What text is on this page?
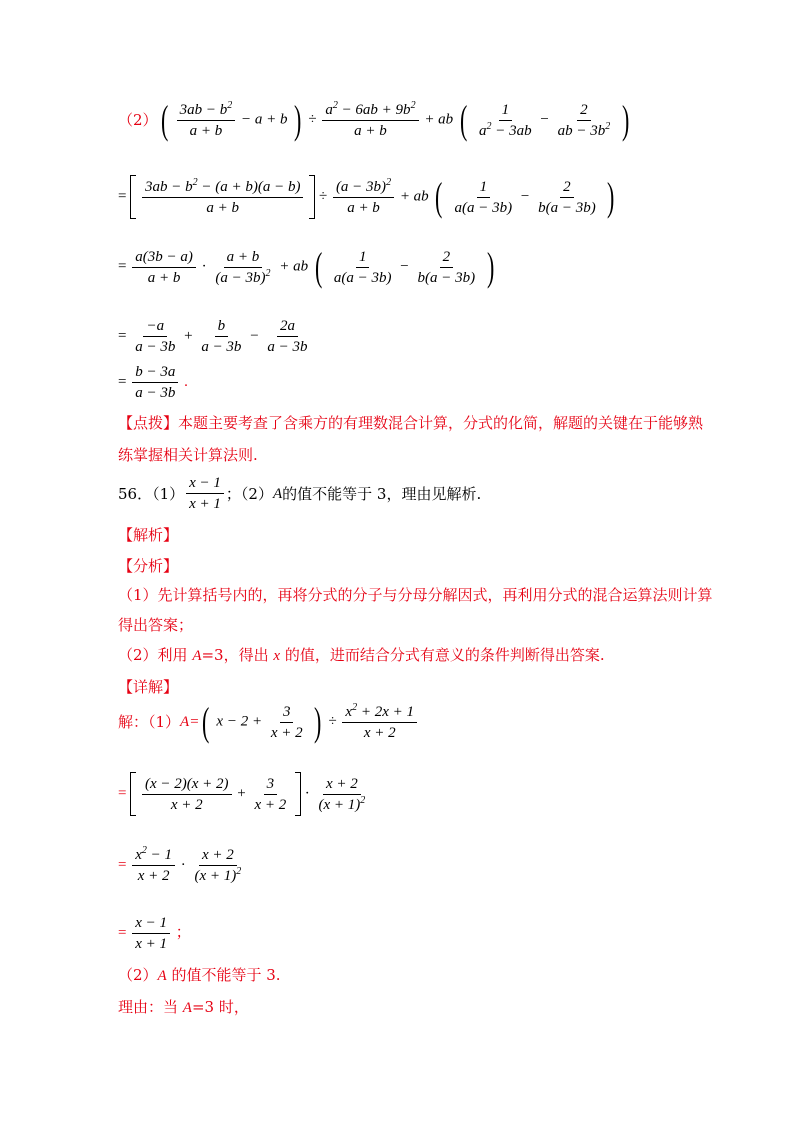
（2） ( $\frac{3ab - b^2}{a + b} - a + b$ ) ÷ $\frac{a^2 - 6ab + 9b^2}{a + b}$ + ab ( $\frac{1}{a^2 - 3ab} - \frac{2}{ab - 3b^2}$ )
= $\frac{3ab - b^2 - (a + b)(a - b)}{a + b} \div \frac{(a - 3b)^2}{a + b}$ + ab ( $\frac{1}{a(a - 3b)} - \frac{2}{b(a - 3b)}$ )
= $\frac{a(3b - a)}{a + b} \cdot \frac{a + b}{(a - 3b)^2}$ + ab ( $\frac{1}{a(a - 3b)} - \frac{2}{b(a - 3b)}$ )
= $\frac{-a}{a - 3b} + \frac{b}{a - 3b} - \frac{2a}{a - 3b}$
= $\frac{b - 3a}{a - 3b}$ .
【点拨】本题主要考查了含乘方的有理数混合计算，分式的化简，解题的关键在于能够熟
练掌握相关计算法则.
56．$(1) \frac{x - 1}{x + 1}$ ；（2） A 的值不能等于 3，理由见解析.
【解析】
【分析】
（1）先计算括号内的，再将分式的分子与分母分解因式，再利用分式的混合运算法则计算
得出答案；
（2）利用 A=3，得出 x 的值，进而结合分式有意义的条件判断得出答案.
【详解】
解：（1） A= ( $x - 2 + \frac{3}{x + 2}$ ) ÷ $\frac{x^2 + 2x + 1}{x + 2}$
= $\frac{(x - 2)(x + 2)}{x + 2} + \frac{3}{x + 2} \cdot \frac{x + 2}{(x + 1)^2}$
= $\frac{x^2 - 1}{x + 2} \cdot \frac{x + 2}{(x + 1)^2}$
= $\frac{x - 1}{x + 1}$ ；
（2）A 的值不能等于 3.
理由：当 A=3 时，
